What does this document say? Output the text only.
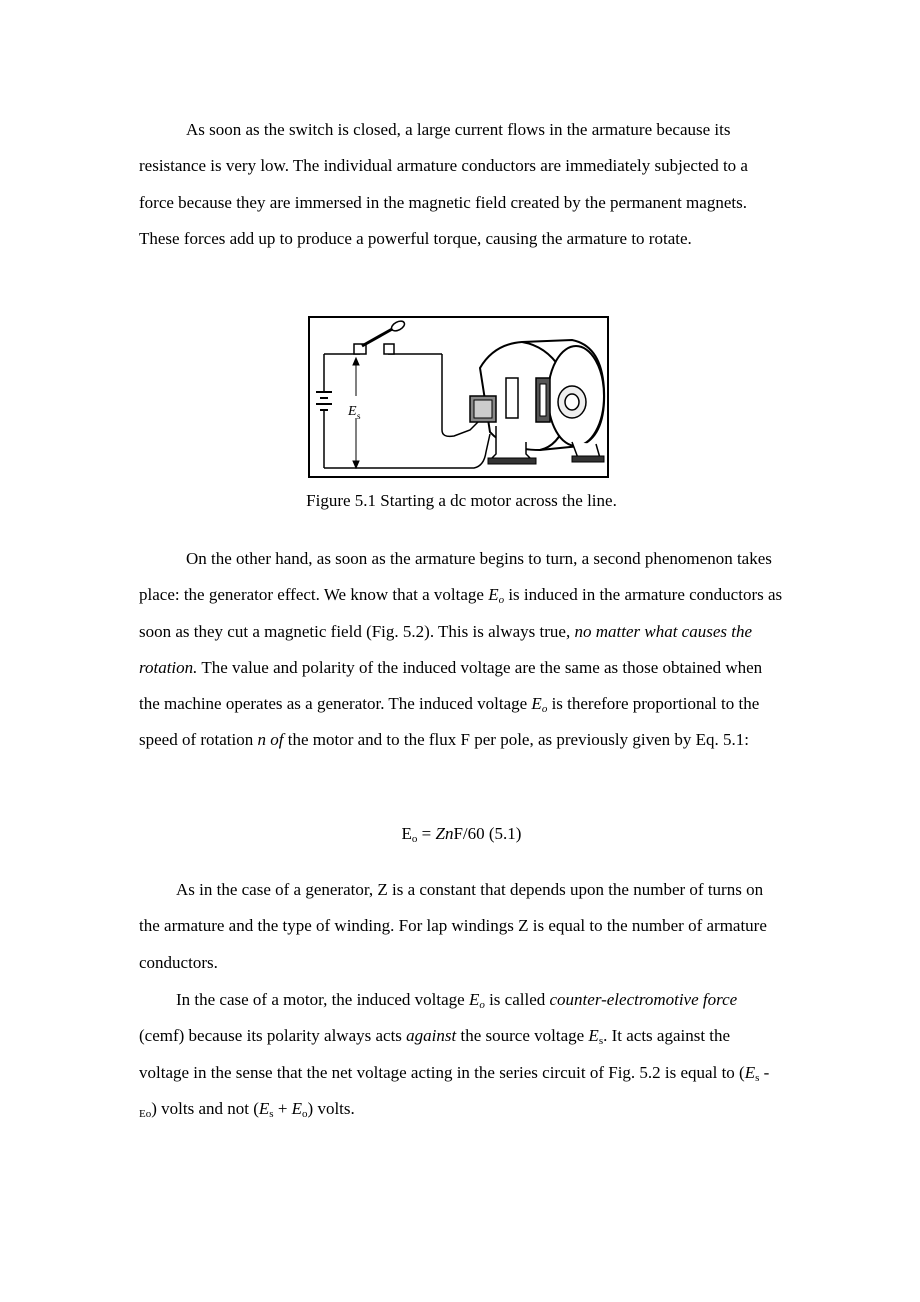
As soon as the switch is closed, a large current flows in the armature because its resistance is very low. The individual armature conductors are immediately subjected to a force because they are immersed in the magnetic field created by the permanent magnets. These forces add up to produce a powerful torque, causing the armature to rotate.

E s
Figure 5.1 Starting a dc motor across the line.

On the other hand, as soon as the armature begins to turn, a second phenomenon takes place: the generator effect. We know that a voltage $E_o$ is induced in the armature conductors as soon as they cut a magnetic field (Fig. 5.2). This is always true, no matter what causes the rotation. The value and polarity of the induced voltage are the same as those obtained when the machine operates as a generator. The induced voltage $E_o$ is therefore proportional to the speed of rotation n of the motor and to the flux F per pole, as previously given by Eq. 5.1:

$E_o = ZnF/60$ (5.1)

As in the case of a generator, Z is a constant that depends upon the number of turns on the armature and the type of winding. For lap windings Z is equal to the number of armature conductors.

In the case of a motor, the induced voltage $E_o$ is called counter-electromotive force (cemf) because its polarity always acts against the source voltage $E_s$. It acts against the voltage in the sense that the net voltage acting in the series circuit of Fig. 5.2 is equal to $(E_s - _{Eo})$ volts and not $(E_s + E_o)$ volts.
